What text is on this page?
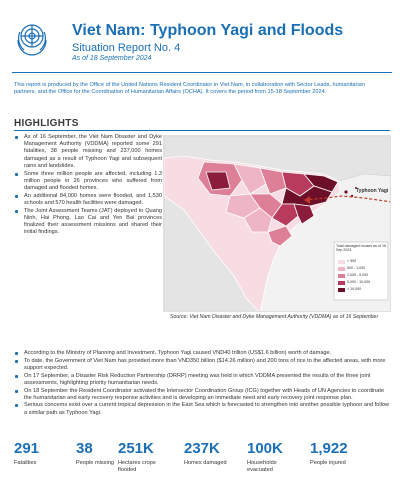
Viet Nam: Typhoon Yagi and Floods
Situation Report No. 4
As of 18 September 2024

This report is produced by the Office of the United Nations Resident Coordinator in Viet Nam, in collaboration with Sector Leads, humanitarian partners, and the Office for the Coordination of Humanitarian Affairs (OCHA). It covers the period from 15-18 September 2024.

HIGHLIGHTS
As of 16 September, the Viet Nam Disaster and Dyke Management Authority (VDDMA) reported some 291 fatalities, 38 people missing and 237,000 homes damaged as a result of Typhoon Yagi and subsequent rains and landslides.
Some three million people are affected, including 1.3 million people in 26 provinces who suffered from damaged and flooded homes.
An additional 84,000 homes were flooded, and 1,530 schools and 570 health facilities were damaged.
The Joint Assessment Teams (JAT) deployed to Quang Ninh, Hai Phong, Lao Cai and Yen Bai provinces finalized their assessment missions and shared their initial findings.
Typhoon Yagi
Total damaged houses as of 16 Sep 2024
< 500
500 - 1,000
1,000 - 5,000
5,000 - 10,000
> 10,000
Source: Viet Nam Disaster and Dyke Management Authority (VDDMA) as of 16 September
According to the Ministry of Planning and Investment, Typhoon Yagi caused VND40 trillion (US$1.6 billion) worth of damage.
To date, the Government of Viet Nam has provided more than VND350 billion ($14.26 million) and 200 tons of rice to the affected areas, with more support expected.
On 17 September, a Disaster Risk Reduction Partnership (DRRP) meeting was held in which VDDMA presented the results of the three joint assessments, highlighting priority humanitarian needs.
On 18 September the Resident Coordinator activated the Intersector Coordination Group (ICG) together with Heads of UN Agencies to coordinate the humanitarian and early recovery response activities and is developing an immediate need and early recovery joint response plan.
Serious concerns exist over a current tropical depression in the East Sea which is forecasted to strengthen into another possible typhoon and follow a similar path as Typhoon Yagi.
291
Fatalities
38
People missing
251K
Hectares crops flooded
237K
Homes damaged
100K
Households evacuated
1,922
People injured
